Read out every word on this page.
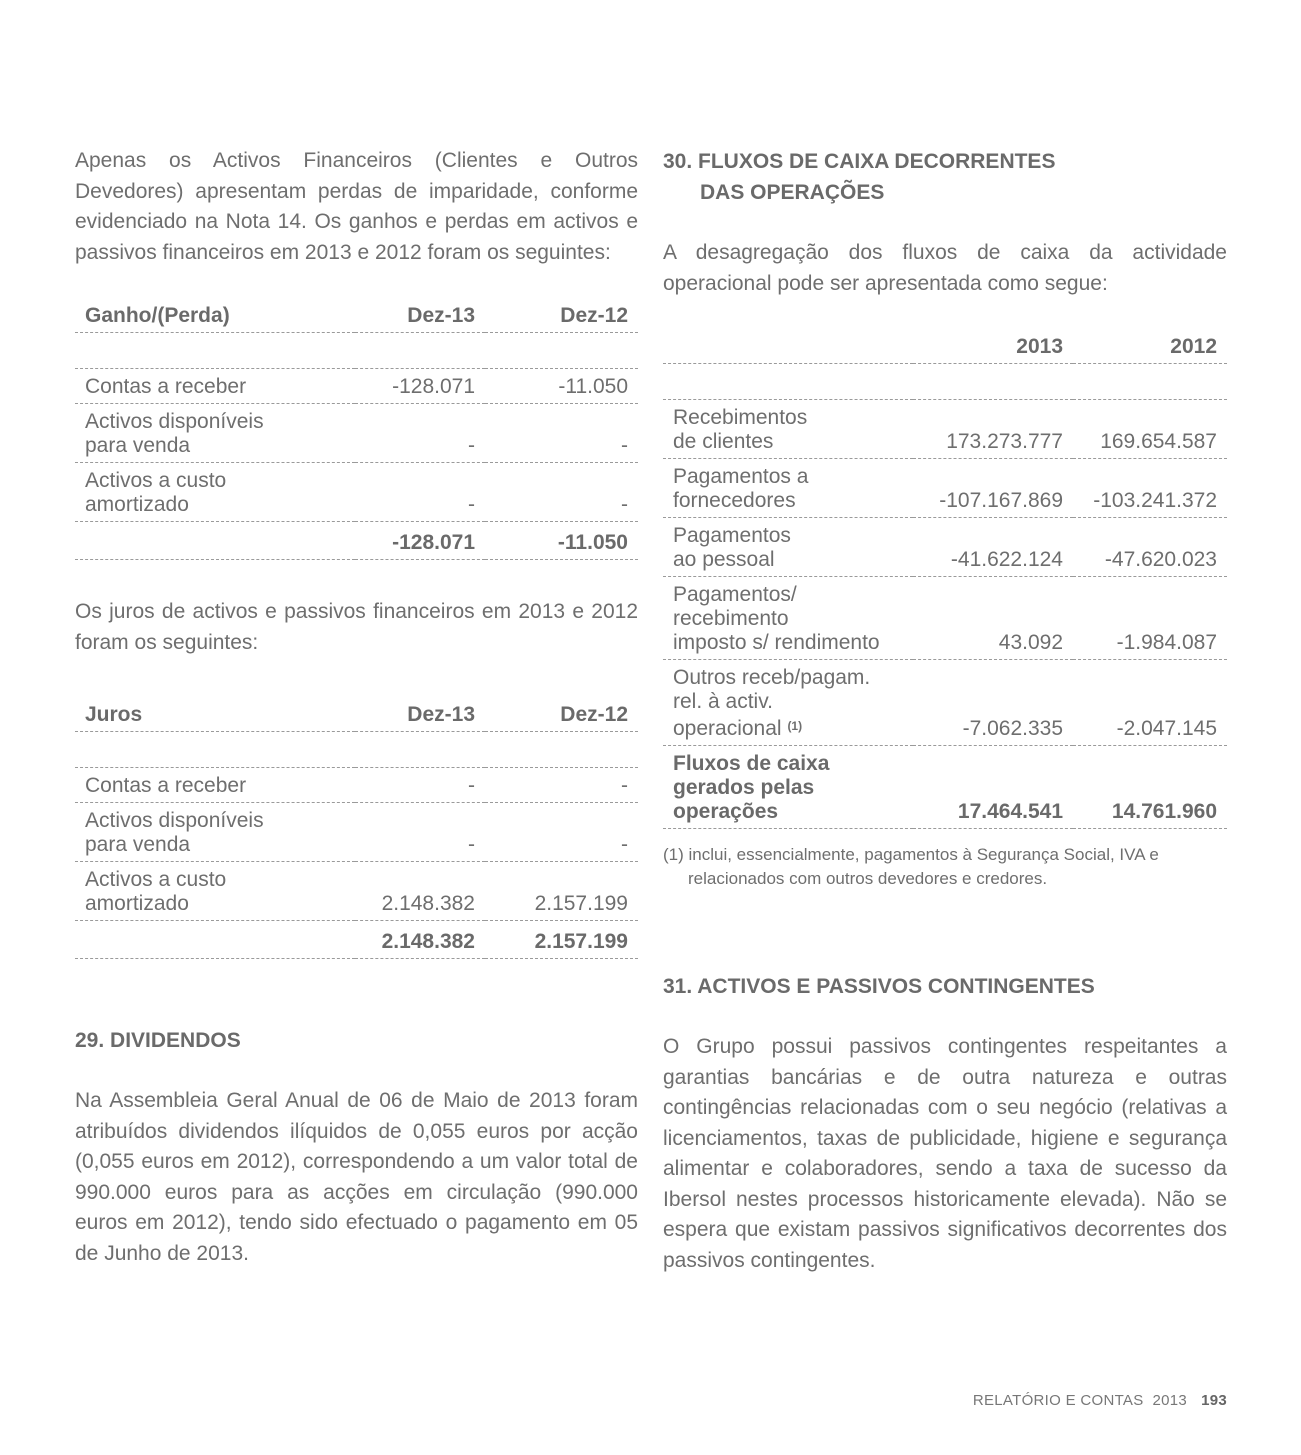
Apenas os Activos Financeiros (Clientes e Outros Devedores) apresentam perdas de imparidade, conforme evidenciado na Nota 14. Os ganhos e perdas em activos e passivos financeiros em 2013 e 2012 foram os seguintes:

Ganho/(Perda)	Dez-13	Dez-12

Contas a receber	-128.071	-11.050
Activos disponíveis
para venda	-	-
Activos a custo
amortizado	-	-
	-128.071	-11.050

Os juros de activos e passivos financeiros em 2013 e 2012 foram os seguintes:

Juros	Dez-13	Dez-12

Contas a receber	-	-
Activos disponíveis
para venda	-	-
Activos a custo
amortizado	2.148.382	2.157.199
	2.148.382	2.157.199
29. DIVIDENDOS

Na Assembleia Geral Anual de 06 de Maio de 2013 foram atribuídos dividendos ilíquidos de 0,055 euros por acção (0,055 euros em 2012), correspondendo a um valor total de 990.000 euros para as acções em circulação (990.000 euros em 2012), tendo sido efectuado o pagamento em 05 de Junho de 2013.

30. FLUXOS DE CAIXA DECORRENTES
DAS OPERAÇÕES

A desagregação dos fluxos de caixa da actividade operacional pode ser apresentada como segue:

	2013	2012

Recebimentos
de clientes	173.273.777	169.654.587
Pagamentos a
fornecedores	-107.167.869	-103.241.372
Pagamentos
ao pessoal	-41.622.124	-47.620.023
Pagamentos/
recebimento
imposto s/ rendimento	43.092	-1.984.087
Outros receb/pagam.
rel. à activ.
operacional $^{(1)}$	-7.062.335	-2.047.145
Fluxos de caixa
gerados pelas
operações	17.464.541	14.761.960
(1) inclui, essencialmente, pagamentos à Segurança Social, IVA e
relacionados com outros devedores e credores.
31. ACTIVOS E PASSIVOS CONTINGENTES

O Grupo possui passivos contingentes respeitantes a garantias bancárias e de outra natureza e outras contingências relacionadas com o seu negócio (relativas a licenciamentos, taxas de publicidade, higiene e segurança alimentar e colaboradores, sendo a taxa de sucesso da Ibersol nestes processos historicamente elevada). Não se espera que existam passivos significativos decorrentes dos passivos contingentes.

RELATÓRIO E CONTAS  2013 193
